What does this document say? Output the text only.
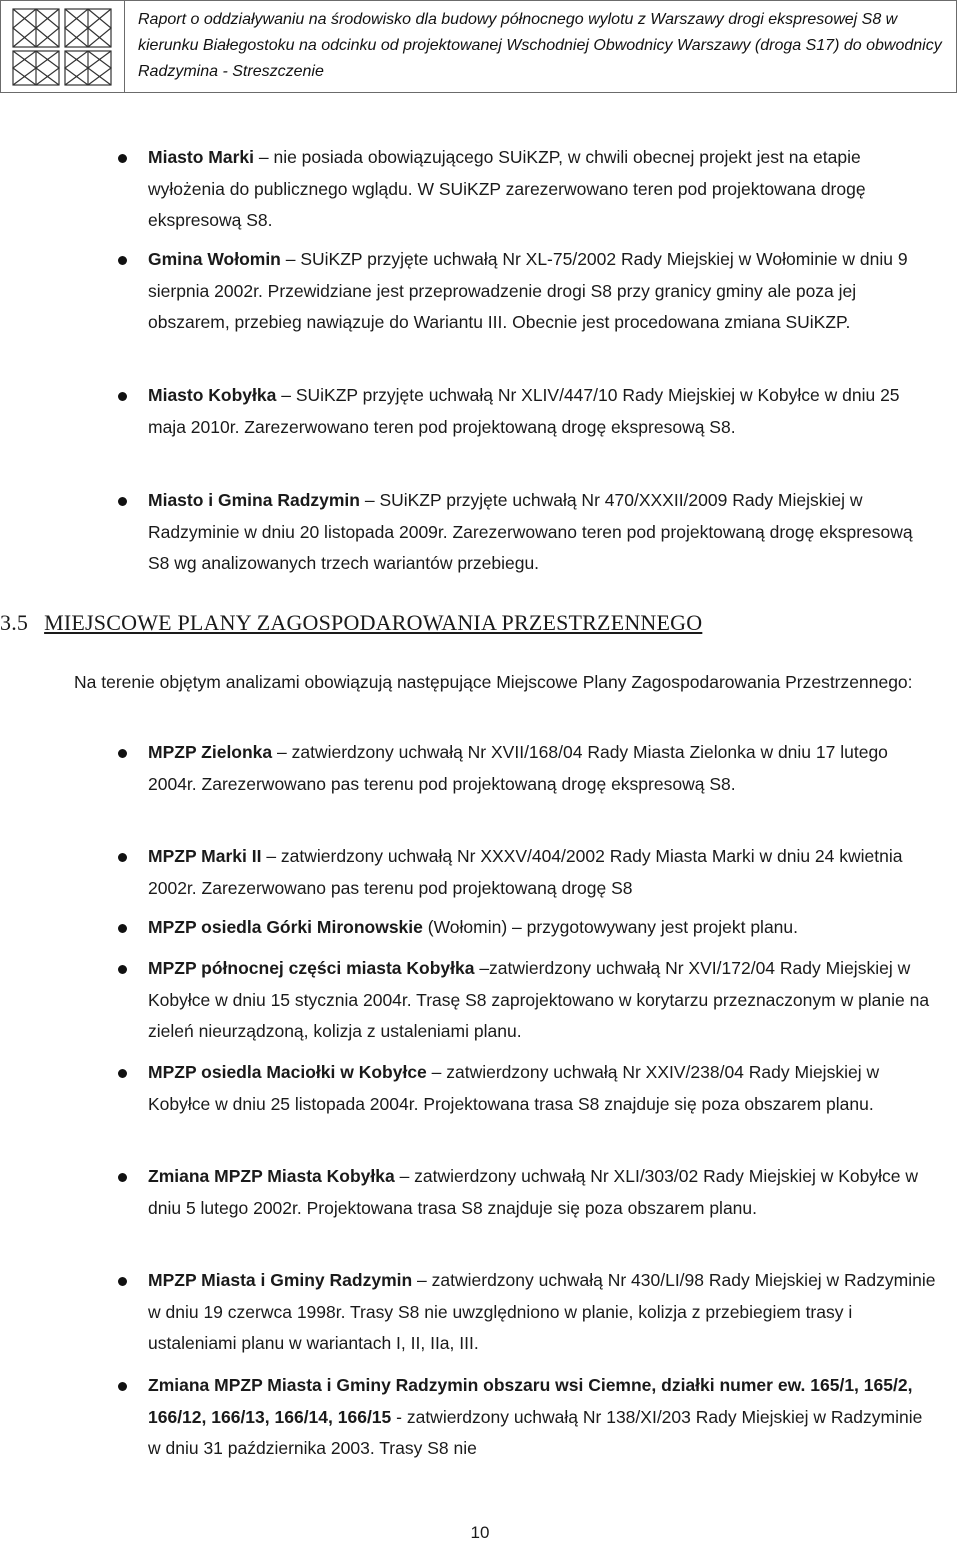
Raport o oddziaływaniu na środowisko dla budowy północnego wylotu z Warszawy drogi ekspresowej S8 w kierunku Białegostoku na odcinku od projektowanej Wschodniej Obwodnicy Warszawy (droga S17) do obwodnicy Radzymina - Streszczenie
Miasto Marki – nie posiada obowiązującego SUiKZP, w chwili obecnej projekt jest na etapie wyłożenia do publicznego wglądu. W SUiKZP zarezerwowano teren pod projektowana drogę ekspresową S8.
Gmina Wołomin – SUiKZP przyjęte uchwałą Nr XL-75/2002 Rady Miejskiej w Wołominie w dniu 9 sierpnia 2002r. Przewidziane jest przeprowadzenie drogi S8 przy granicy gminy ale poza jej obszarem, przebieg nawiązuje do Wariantu III. Obecnie jest procedowana zmiana SUiKZP.
Miasto Kobyłka – SUiKZP przyjęte uchwałą Nr XLIV/447/10 Rady Miejskiej w Kobyłce w dniu 25 maja 2010r. Zarezerwowano teren pod projektowaną drogę ekspresową S8.
Miasto i Gmina Radzymin – SUiKZP przyjęte uchwałą Nr 470/XXXII/2009 Rady Miejskiej w Radzyminie w dniu 20 listopada 2009r. Zarezerwowano teren pod projektowaną drogę ekspresową S8 wg analizowanych trzech wariantów przebiegu.
3.5 MIEJSCOWE PLANY ZAGOSPODAROWANIA PRZESTRZENNEGO

Na terenie objętym analizami obowiązują następujące Miejscowe Plany Zagospodarowania Przestrzennego:

MPZP Zielonka – zatwierdzony uchwałą Nr XVII/168/04 Rady Miasta Zielonka w dniu 17 lutego 2004r. Zarezerwowano pas terenu pod projektowaną drogę ekspresową S8.
MPZP Marki II – zatwierdzony uchwałą Nr XXXV/404/2002 Rady Miasta Marki w dniu 24 kwietnia 2002r. Zarezerwowano pas terenu pod projektowaną drogę S8
MPZP osiedla Górki Mironowskie (Wołomin) – przygotowywany jest projekt planu.
MPZP północnej części miasta Kobyłka –zatwierdzony uchwałą Nr XVI/172/04 Rady Miejskiej w Kobyłce w dniu 15 stycznia 2004r. Trasę S8 zaprojektowano w korytarzu przeznaczonym w planie na zieleń nieurządzoną, kolizja z ustaleniami planu.
MPZP osiedla Maciołki w Kobyłce – zatwierdzony uchwałą Nr XXIV/238/04 Rady Miejskiej w Kobyłce w dniu 25 listopada 2004r. Projektowana trasa S8 znajduje się poza obszarem planu.
Zmiana MPZP Miasta Kobyłka – zatwierdzony uchwałą Nr XLI/303/02 Rady Miejskiej w Kobyłce w dniu 5 lutego 2002r. Projektowana trasa S8 znajduje się poza obszarem planu.
MPZP Miasta i Gminy Radzymin – zatwierdzony uchwałą Nr 430/LI/98 Rady Miejskiej w Radzyminie w dniu 19 czerwca 1998r. Trasy S8 nie uwzględniono w planie, kolizja z przebiegiem trasy i ustaleniami planu w wariantach I, II, IIa, III.
Zmiana MPZP Miasta i Gminy Radzymin obszaru wsi Ciemne, działki numer ew. 165/1, 165/2, 166/12, 166/13, 166/14, 166/15 - zatwierdzony uchwałą Nr 138/XI/203 Rady Miejskiej w Radzyminie w dniu 31 października 2003. Trasy S8 nie
10
